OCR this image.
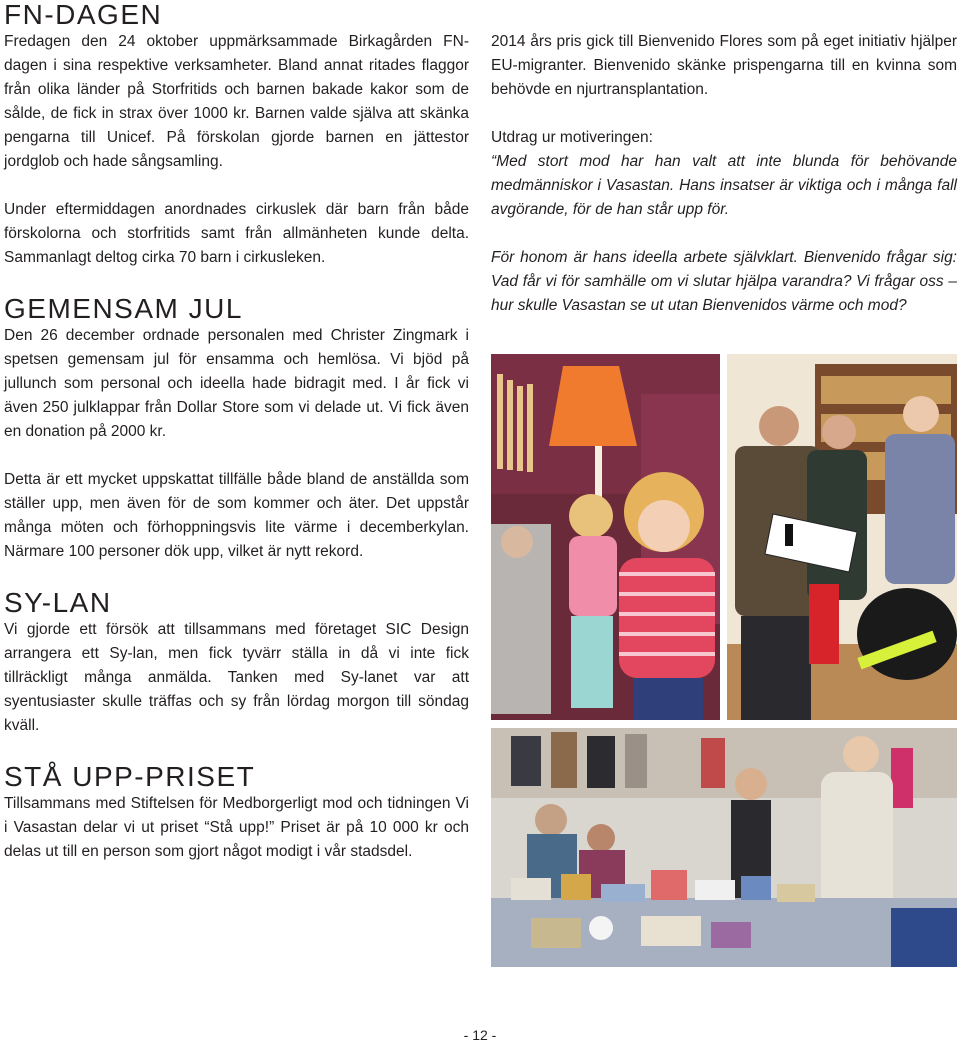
FN-DAGEN

Fredagen den 24 oktober uppmärksammade Birkagården FN-dagen i sina respektive verksamheter. Bland annat ritades flaggor från olika länder på Storfritids och barnen bakade kakor som de sålde, de fick in strax över 1000 kr. Barnen valde själva att skänka pengarna till Unicef. På förskolan gjorde barnen en jättestor jordglob och hade sångsamling.

Under eftermiddagen anordnades cirkuslek där barn från både förskolorna och storfritids samt från allmänheten kunde delta. Sammanlagt deltog cirka 70 barn i cirkusleken.

GEMENSAM JUL

Den 26 december ordnade personalen med Christer Zingmark i spetsen gemensam jul för ensamma och hemlösa. Vi bjöd på jullunch som personal och ideella hade bidragit med. I år fick vi även 250 julklappar från Dollar Store som vi delade ut. Vi fick även en donation på 2000 kr.

Detta är ett mycket uppskattat tillfälle både bland de anställda som ställer upp, men även för de som kommer och äter. Det uppstår många möten och förhoppningsvis lite värme i decemberkylan. Närmare 100 personer dök upp, vilket är nytt rekord.

SY-LAN

Vi gjorde ett försök att tillsammans med företaget SIC Design arrangera ett Sy-lan, men fick tyvärr ställa in då vi inte fick tillräckligt många anmälda. Tanken med Sy-lanet var att syentusiaster skulle träffas och sy från lördag morgon till söndag kväll.

STÅ UPP-PRISET

Tillsammans med Stiftelsen för Medborgerligt mod och tidningen Vi i Vasastan delar vi ut priset “Stå upp!” Priset är på 10 000 kr och delas ut till en person som gjort något modigt i vår stadsdel.

2014 års pris gick till Bienvenido Flores som på eget initiativ hjälper EU-migranter. Bienvenido skänke prispengarna till en kvinna som behövde en njurtransplantation.

Utdrag ur motiveringen:

“Med stort mod har han valt att inte blunda för behövande medmänniskor i Vasastan. Hans insatser är viktiga och i många fall avgörande, för de han står upp för.

För honom är hans ideella arbete självklart. Bienvenido frågar sig: Vad får vi för samhälle om vi slutar hjälpa varandra? Vi frågar oss – hur skulle Vasastan se ut utan Bienvenidos värme och mod?

- 12 -
